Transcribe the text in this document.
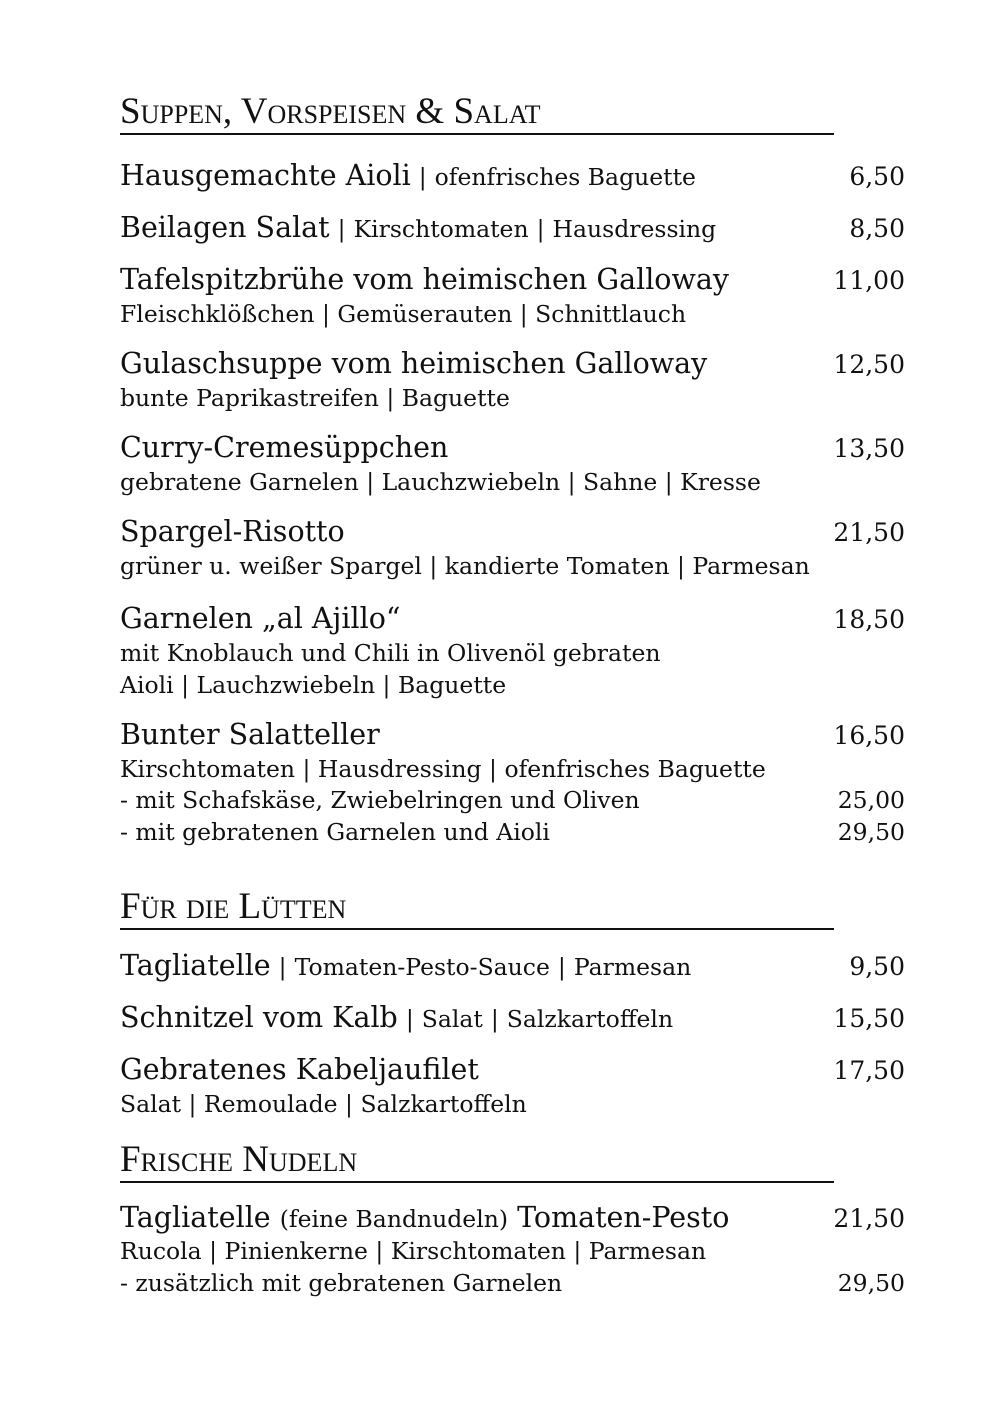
Suppen, Vorspeisen & Salat
Hausgemachte Aioli | ofenfrisches Baguette	6,50
Beilagen Salat | Kirschtomaten | Hausdressing	8,50
Tafelspitzbrühe vom heimischen Galloway	11,00
Fleischklößchen | Gemüserauten | Schnittlauch
Gulaschsuppe vom heimischen Galloway	12,50
bunte Paprikastreifen | Baguette
Curry-Cremesüppchen	13,50
gebratene Garnelen | Lauchzwiebeln | Sahne | Kresse
Spargel-Risotto	21,50
grüner u. weißer Spargel | kandierte Tomaten | Parmesan
Garnelen „al Ajillo“	18,50
mit Knoblauch und Chili in Olivenöl gebraten
Aioli | Lauchzwiebeln | Baguette
Bunter Salatteller	16,50
Kirschtomaten | Hausdressing | ofenfrisches Baguette
- mit Schafskäse, Zwiebelringen und Oliven	25,00
- mit gebratenen Garnelen und Aioli	29,50
Für die Lütten
Tagliatelle | Tomaten-Pesto-Sauce | Parmesan	9,50
Schnitzel vom Kalb | Salat | Salzkartoffeln	15,50
Gebratenes Kabeljaufilet	17,50
Salat | Remoulade | Salzkartoffeln
Frische Nudeln
Tagliatelle (feine Bandnudeln) Tomaten-Pesto	21,50
Rucola | Pinienkerne | Kirschtomaten | Parmesan
- zusätzlich mit gebratenen Garnelen	29,50
